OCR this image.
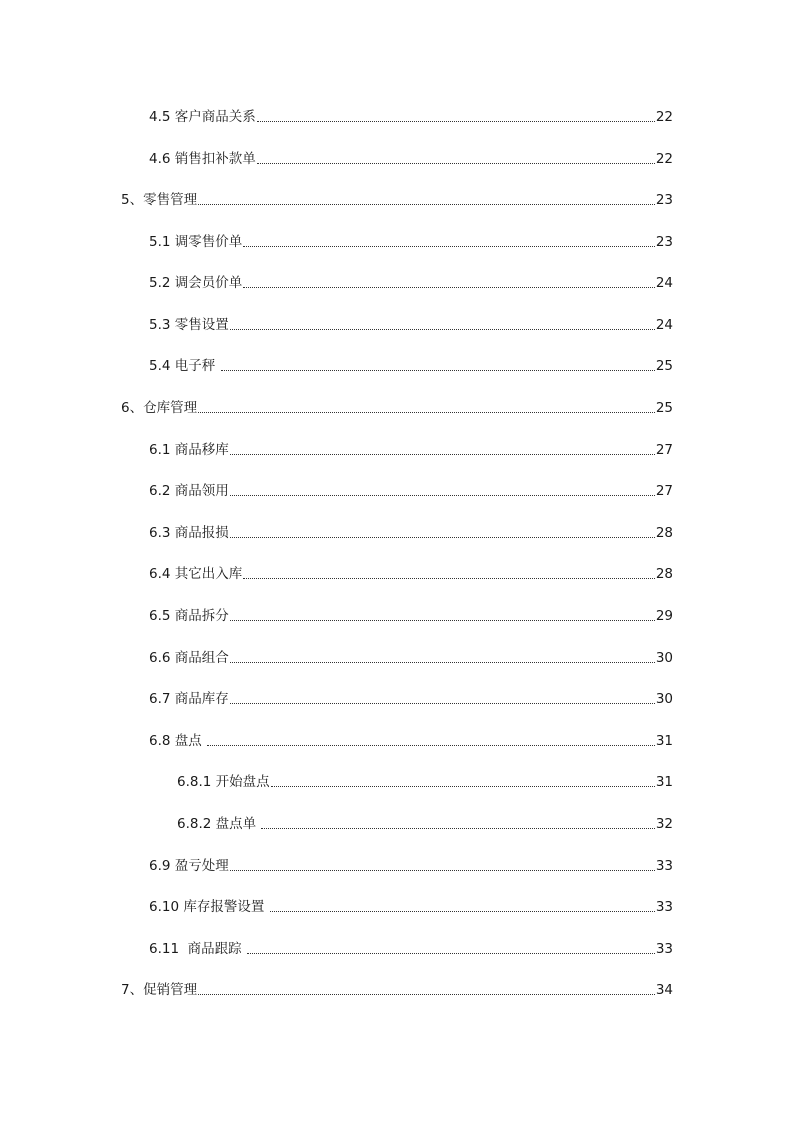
4.5 客户商品关系	22
4.6 销售扣补款单	22
5、零售管理	23
5.1 调零售价单	23
5.2 调会员价单	24
5.3 零售设置	24
5.4 电子秤	25
6、仓库管理	25
6.1 商品移库	27
6.2 商品领用	27
6.3 商品报损	28
6.4 其它出入库	28
6.5 商品拆分	29
6.6 商品组合	30
6.7 商品库存	30
6.8 盘点	31
6.8.1 开始盘点	31
6.8.2 盘点单	32
6.9 盈亏处理	33
6.10 库存报警设置	33
6.11  商品跟踪	33
7、促销管理	34
